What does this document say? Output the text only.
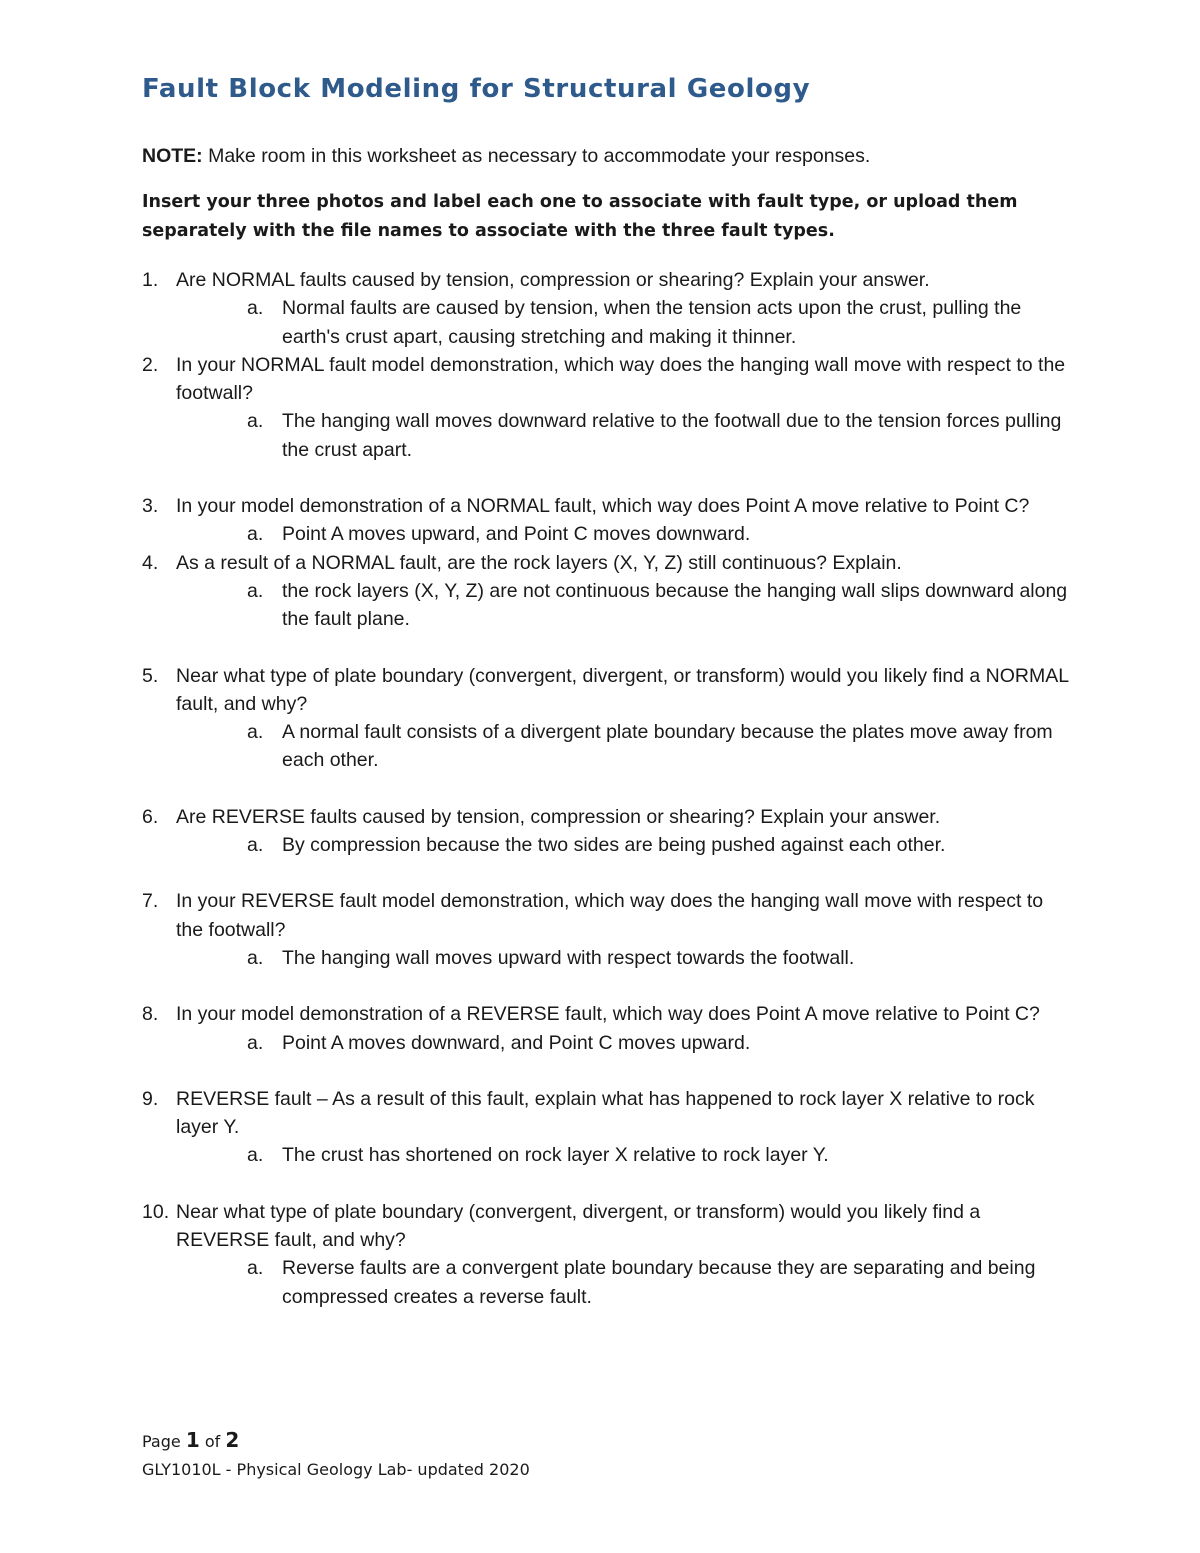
Fault Block Modeling for Structural Geology
NOTE: Make room in this worksheet as necessary to accommodate your responses.
Insert your three photos and label each one to associate with fault type, or upload them separately with the file names to associate with the three fault types.
1. Are NORMAL faults caused by tension, compression or shearing? Explain your answer.
a. Normal faults are caused by tension, when the tension acts upon the crust, pulling the earth's crust apart, causing stretching and making it thinner.
2. In your NORMAL fault model demonstration, which way does the hanging wall move with respect to the footwall?
a. The hanging wall moves downward relative to the footwall due to the tension forces pulling the crust apart.
3. In your model demonstration of a NORMAL fault, which way does Point A move relative to Point C?
a. Point A moves upward, and Point C moves downward.
4. As a result of a NORMAL fault, are the rock layers (X, Y, Z) still continuous? Explain.
a. the rock layers (X, Y, Z) are not continuous because the hanging wall slips downward along the fault plane.
5. Near what type of plate boundary (convergent, divergent, or transform) would you likely find a NORMAL fault, and why?
a. A normal fault consists of a divergent plate boundary because the plates move away from each other.
6. Are REVERSE faults caused by tension, compression or shearing? Explain your answer.
a. By compression because the two sides are being pushed against each other.
7. In your REVERSE fault model demonstration, which way does the hanging wall move with respect to the footwall?
a. The hanging wall moves upward with respect towards the footwall.
8. In your model demonstration of a REVERSE fault, which way does Point A move relative to Point C?
a. Point A moves downward, and Point C moves upward.
9. REVERSE fault – As a result of this fault, explain what has happened to rock layer X relative to rock layer Y.
a. The crust has shortened on rock layer X relative to rock layer Y.
10. Near what type of plate boundary (convergent, divergent, or transform) would you likely find a REVERSE fault, and why?
a. Reverse faults are a convergent plate boundary because they are separating and being compressed creates a reverse fault.
Page 1 of 2
GLY1010L - Physical Geology Lab- updated 2020
